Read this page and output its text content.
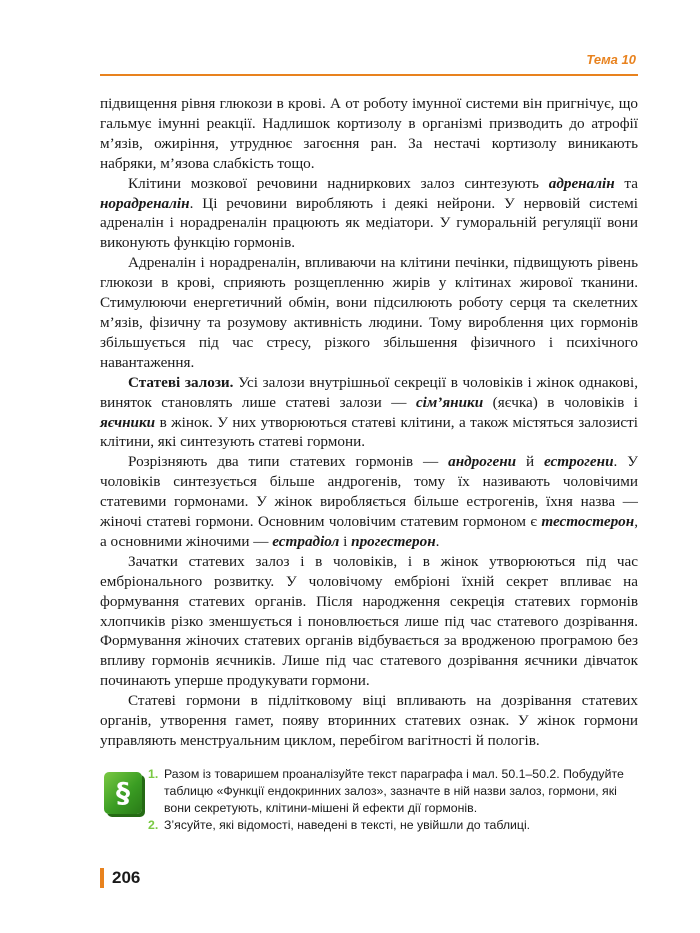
Тема 10

підвищення рівня глюкози в крові. А от роботу імунної системи він пригнічує, що гальмує імунні реакції. Надлишок кортизолу в організмі призводить до атрофії м’язів, ожиріння, утруднює загоєння ран. За нестачі кортизолу виникають набряки, м’язова слабкість тощо.

Клітини мозкової речовини надниркових залоз синтезують адреналін та норадреналін. Ці речовини виробляють і деякі нейрони. У нервовій системі адреналін і норадреналін працюють як медіатори. У гуморальній регуляції вони виконують функцію гормонів.

Адреналін і норадреналін, впливаючи на клітини печінки, підвищують рівень глюкози в крові, сприяють розщепленню жирів у клітинах жирової тканини. Стимулюючи енергетичний обмін, вони підсилюють роботу серця та скелетних м’язів, фізичну та розумову активність людини. Тому вироблення цих гормонів збільшується під час стресу, різкого збільшення фізичного і психічного навантаження.

Статеві залози. Усі залози внутрішньої секреції в чоловіків і жінок однакові, виняток становлять лише статеві залози — сім’яники (яєчка) в чоловіків і яєчники в жінок. У них утворюються статеві клітини, а також містяться залозисті клітини, які синтезують статеві гормони.

Розрізняють два типи статевих гормонів — андрогени й естрогени. У чоловіків синтезується більше андрогенів, тому їх називають чоловічими статевими гормонами. У жінок виробляється більше естрогенів, їхня назва — жіночі статеві гормони. Основним чоловічим статевим гормоном є тестостерон, а основними жіночими — естрадіол і прогестерон.

Зачатки статевих залоз і в чоловіків, і в жінок утворюються під час ембріонального розвитку. У чоловічому ембріоні їхній секрет впливає на формування статевих органів. Після народження секреція статевих гормонів хлопчиків різко зменшується і поновлюється лише під час статевого дозрівання. Формування жіночих статевих органів відбувається за вродженою програмою без впливу гормонів яєчників. Лише під час статевого дозрівання яєчники дівчаток починають уперше продукувати гормони.

Статеві гормони в підлітковому віці впливають на дозрівання статевих органів, утворення гамет, появу вторинних статевих ознак. У жінок гормони управляють менструальним циклом, перебігом вагітності й пологів.

§
1. Разом із товаришем проаналізуйте текст параграфа і мал. 50.1–50.2. Побудуйте таблицю «Функції ендокринних залоз», зазначте в ній назви залоз, гормони, які вони секретують, клітини-мішені й ефекти дії гормонів.
2. З’ясуйте, які відомості, наведені в тексті, не увійшли до таблиці.
206
